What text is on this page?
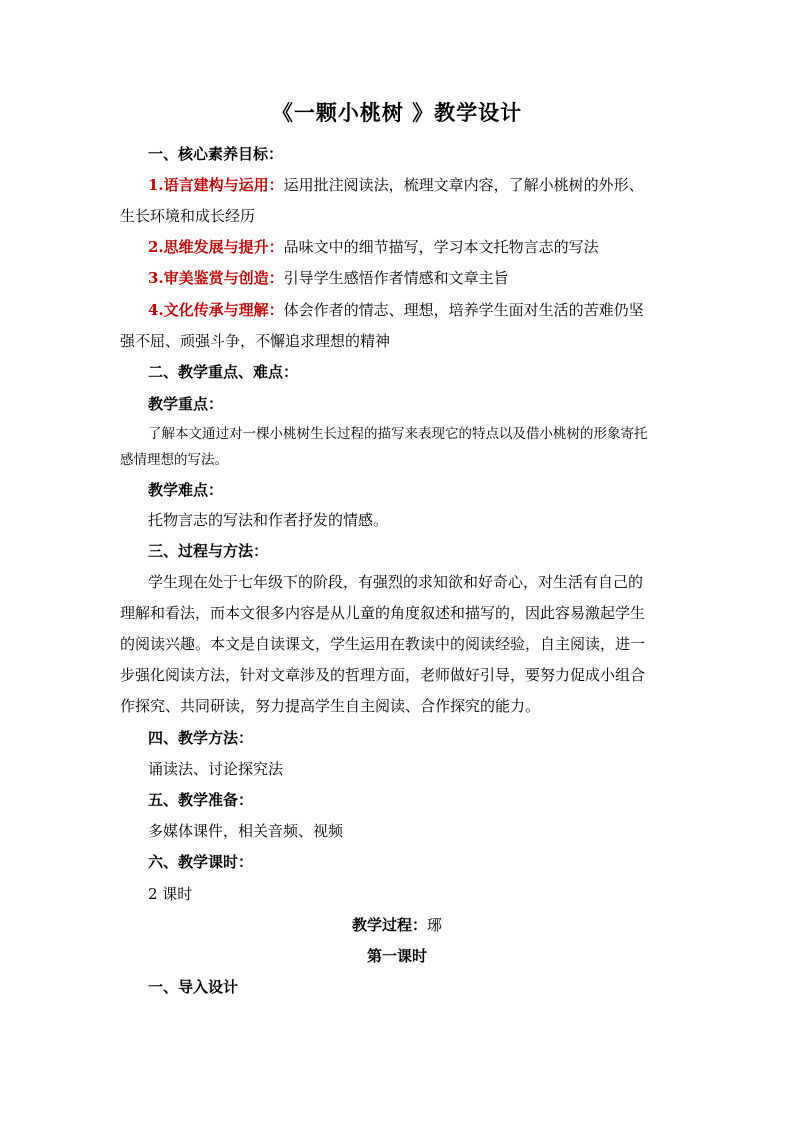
《一颗小桃树 》教学设计
一、核心素养目标：
1.语言建构与运用：运用批注阅读法，梳理文章内容，了解小桃树的外形、
生长环境和成长经历
2.思维发展与提升：品味文中的细节描写，学习本文托物言志的写法
3.审美鉴赏与创造：引导学生感悟作者情感和文章主旨
4.文化传承与理解：体会作者的情志、理想，培养学生面对生活的苦难仍坚
强不屈、顽强斗争，不懈追求理想的精神
二、教学重点、难点：
教学重点：
了解本文通过对一棵小桃树生长过程的描写来表现它的特点以及借小桃树的形象寄托
感情理想的写法。
教学难点：
托物言志的写法和作者抒发的情感。
三、过程与方法：
学生现在处于七年级下的阶段，有强烈的求知欲和好奇心，对生活有自己的
理解和看法，而本文很多内容是从儿童的角度叙述和描写的，因此容易激起学生
的阅读兴趣。本文是自读课文，学生运用在教读中的阅读经验，自主阅读，进一
步强化阅读方法，针对文章涉及的哲理方面，老师做好引导，要努力促成小组合
作探究、共同研读，努力提高学生自主阅读、合作探究的能力。
四、教学方法：
诵读法、讨论探究法
五、教学准备：
多媒体课件，相关音频、视频
六、教学课时：
2 课时
教学过程：琊
第一课时
一、导入设计
